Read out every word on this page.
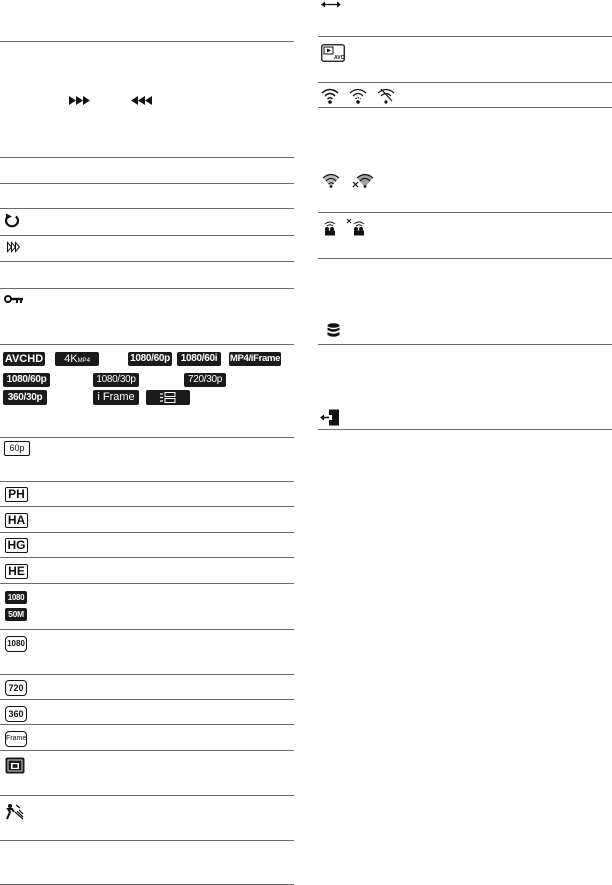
AVCHD	4KMP4	1080/60p	1080/60i	MP4/iFrame
1080/60p	1080/30p	720/30p
360/30p	i Frame
60p
PH
HA
HG
HE
1080
50M
1080
720
360
Frame
AVC
